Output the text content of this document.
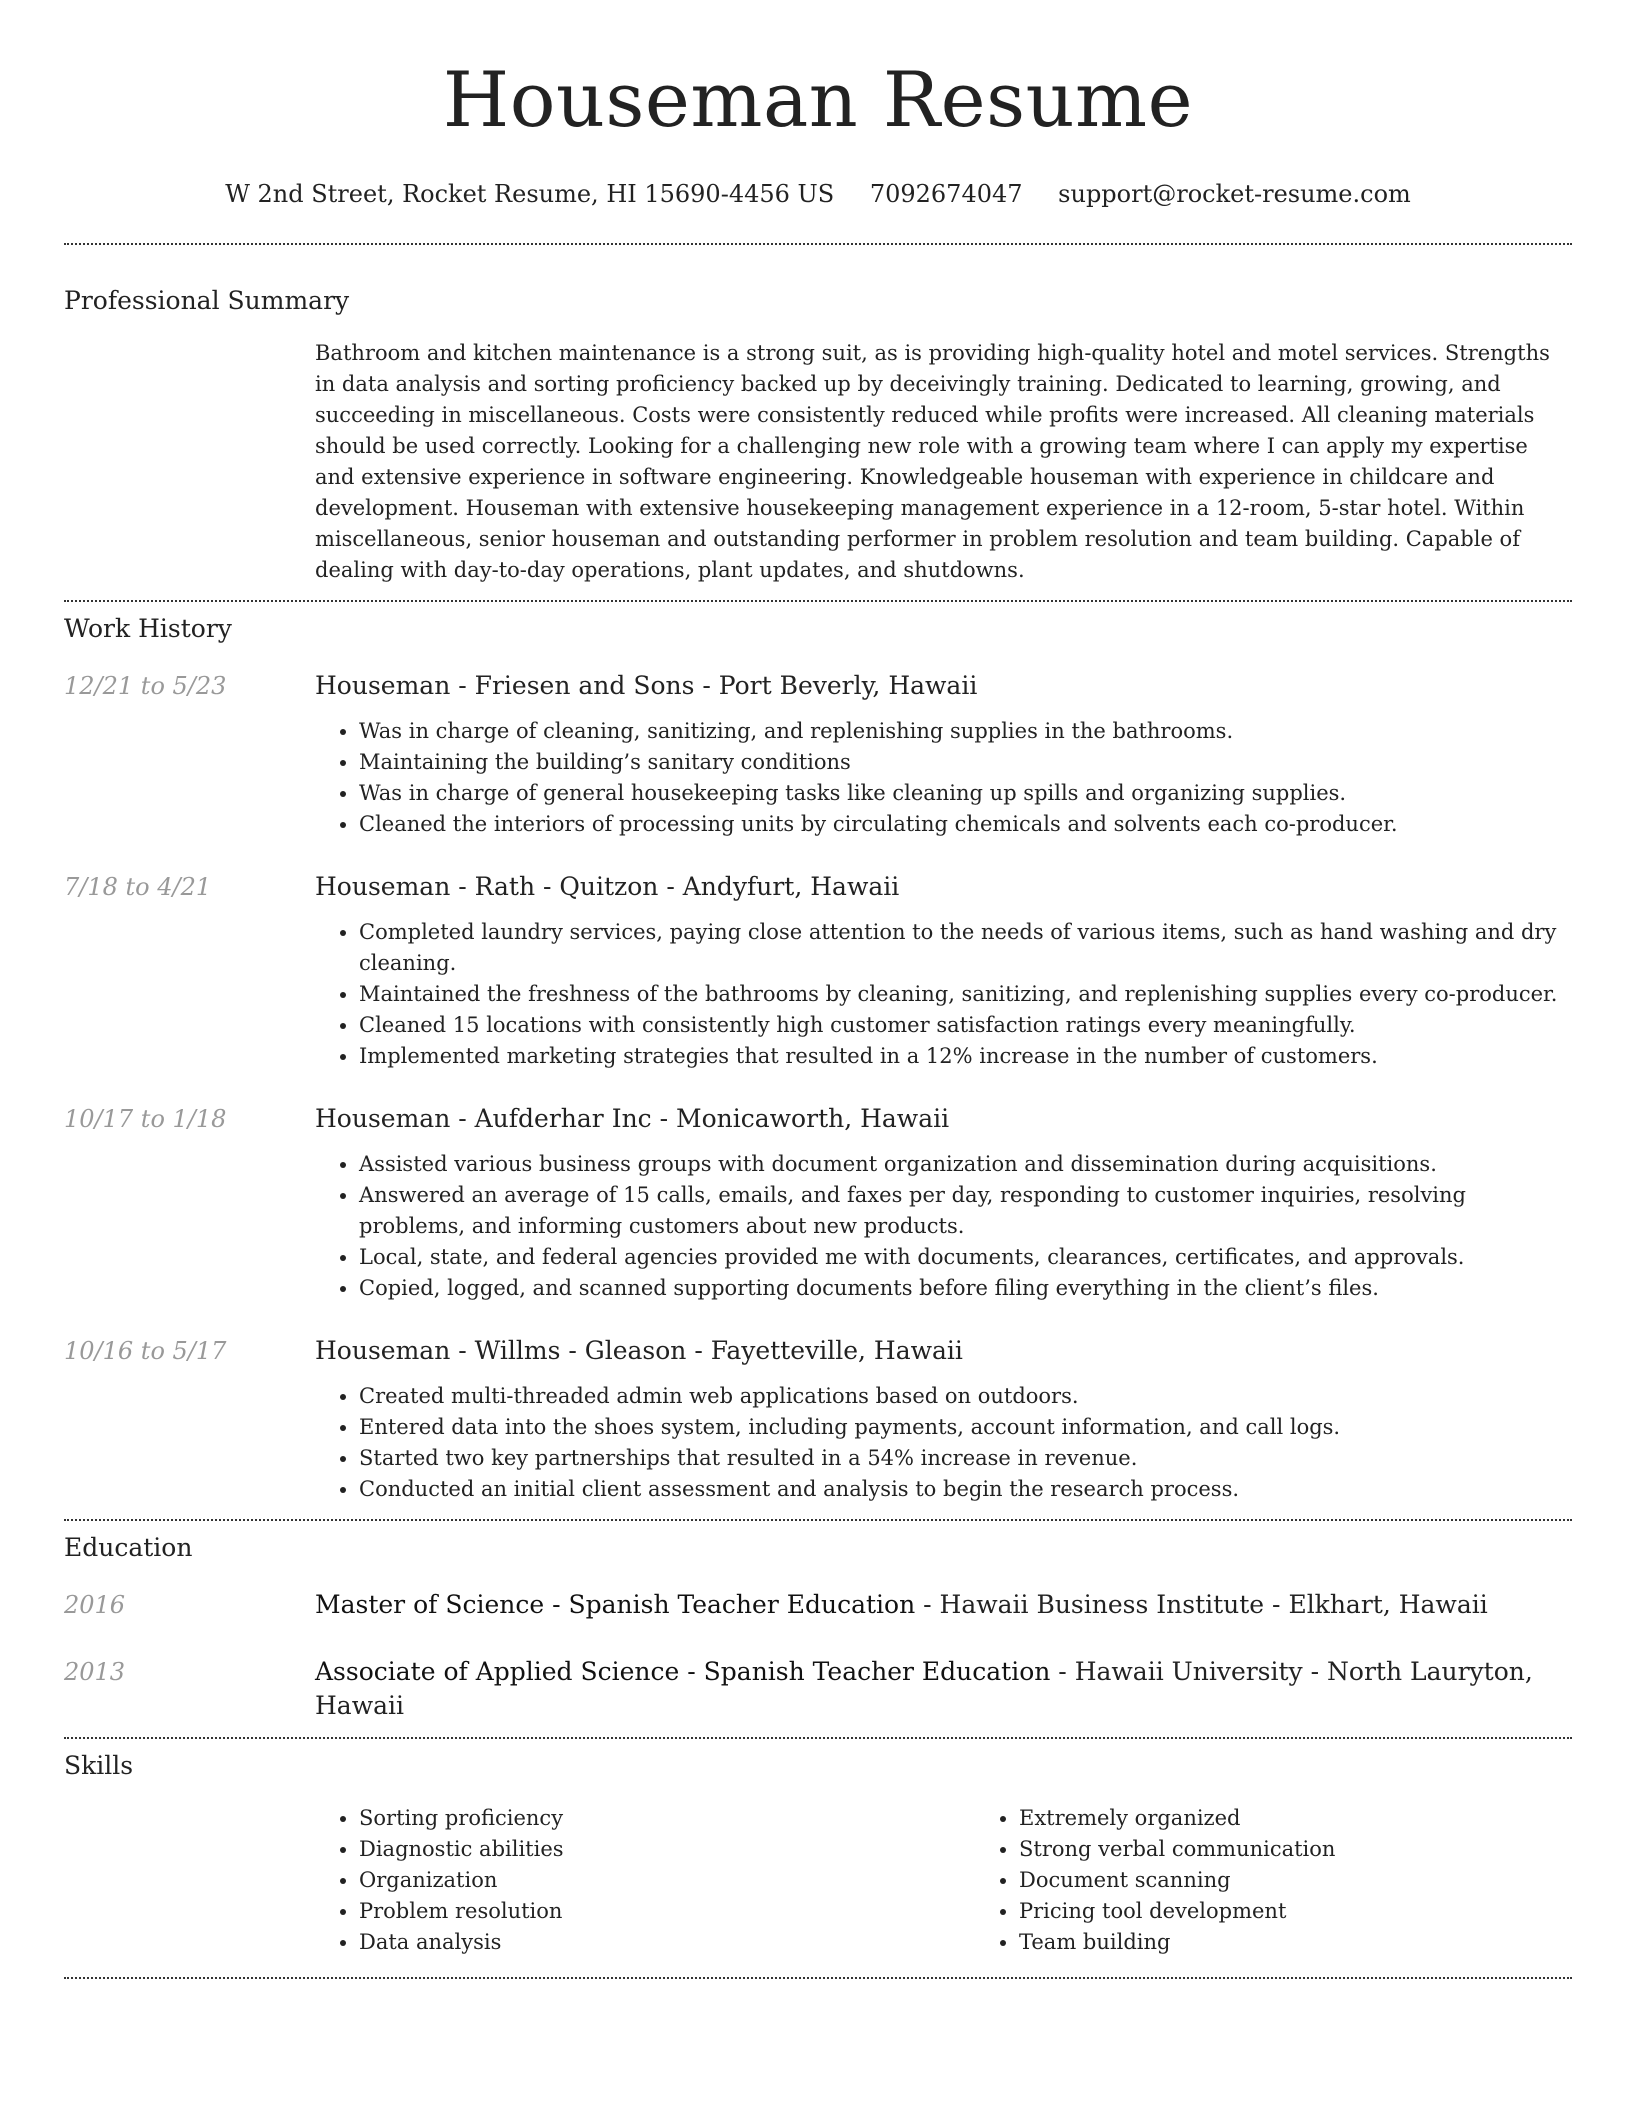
Houseman Resume
W 2nd Street, Rocket Resume, HI 15690-4456 US 7092674047 support@rocket-resume.com
Professional Summary
Bathroom and kitchen maintenance is a strong suit, as is providing high-quality hotel and motel services. Strengths in data analysis and sorting proficiency backed up by deceivingly training. Dedicated to learning, growing, and succeeding in miscellaneous. Costs were consistently reduced while profits were increased. All cleaning materials should be used correctly. Looking for a challenging new role with a growing team where I can apply my expertise and extensive experience in software engineering. Knowledgeable houseman with experience in childcare and development. Houseman with extensive housekeeping management experience in a 12-room, 5-star hotel. Within miscellaneous, senior houseman and outstanding performer in problem resolution and team building. Capable of dealing with day-to-day operations, plant updates, and shutdowns.
Work History
12/21 to 5/23	Houseman - Friesen and Sons - Port Beverly, Hawaii
• Was in charge of cleaning, sanitizing, and replenishing supplies in the bathrooms.
• Maintaining the building’s sanitary conditions
• Was in charge of general housekeeping tasks like cleaning up spills and organizing supplies.
• Cleaned the interiors of processing units by circulating chemicals and solvents each co-producer.
7/18 to 4/21	Houseman - Rath - Quitzon - Andyfurt, Hawaii
• Completed laundry services, paying close attention to the needs of various items, such as hand washing and dry cleaning.
• Maintained the freshness of the bathrooms by cleaning, sanitizing, and replenishing supplies every co-producer.
• Cleaned 15 locations with consistently high customer satisfaction ratings every meaningfully.
• Implemented marketing strategies that resulted in a 12% increase in the number of customers.
10/17 to 1/18	Houseman - Aufderhar Inc - Monicaworth, Hawaii
• Assisted various business groups with document organization and dissemination during acquisitions.
• Answered an average of 15 calls, emails, and faxes per day, responding to customer inquiries, resolving problems, and informing customers about new products.
• Local, state, and federal agencies provided me with documents, clearances, certificates, and approvals.
• Copied, logged, and scanned supporting documents before filing everything in the client’s files.
10/16 to 5/17	Houseman - Willms - Gleason - Fayetteville, Hawaii
• Created multi-threaded admin web applications based on outdoors.
• Entered data into the shoes system, including payments, account information, and call logs.
• Started two key partnerships that resulted in a 54% increase in revenue.
• Conducted an initial client assessment and analysis to begin the research process.
Education
2016	Master of Science - Spanish Teacher Education - Hawaii Business Institute - Elkhart, Hawaii
2013	Associate of Applied Science - Spanish Teacher Education - Hawaii University - North Lauryton, Hawaii
Skills
• Sorting proficiency
• Diagnostic abilities
• Organization
• Problem resolution
• Data analysis
• Extremely organized
• Strong verbal communication
• Document scanning
• Pricing tool development
• Team building
